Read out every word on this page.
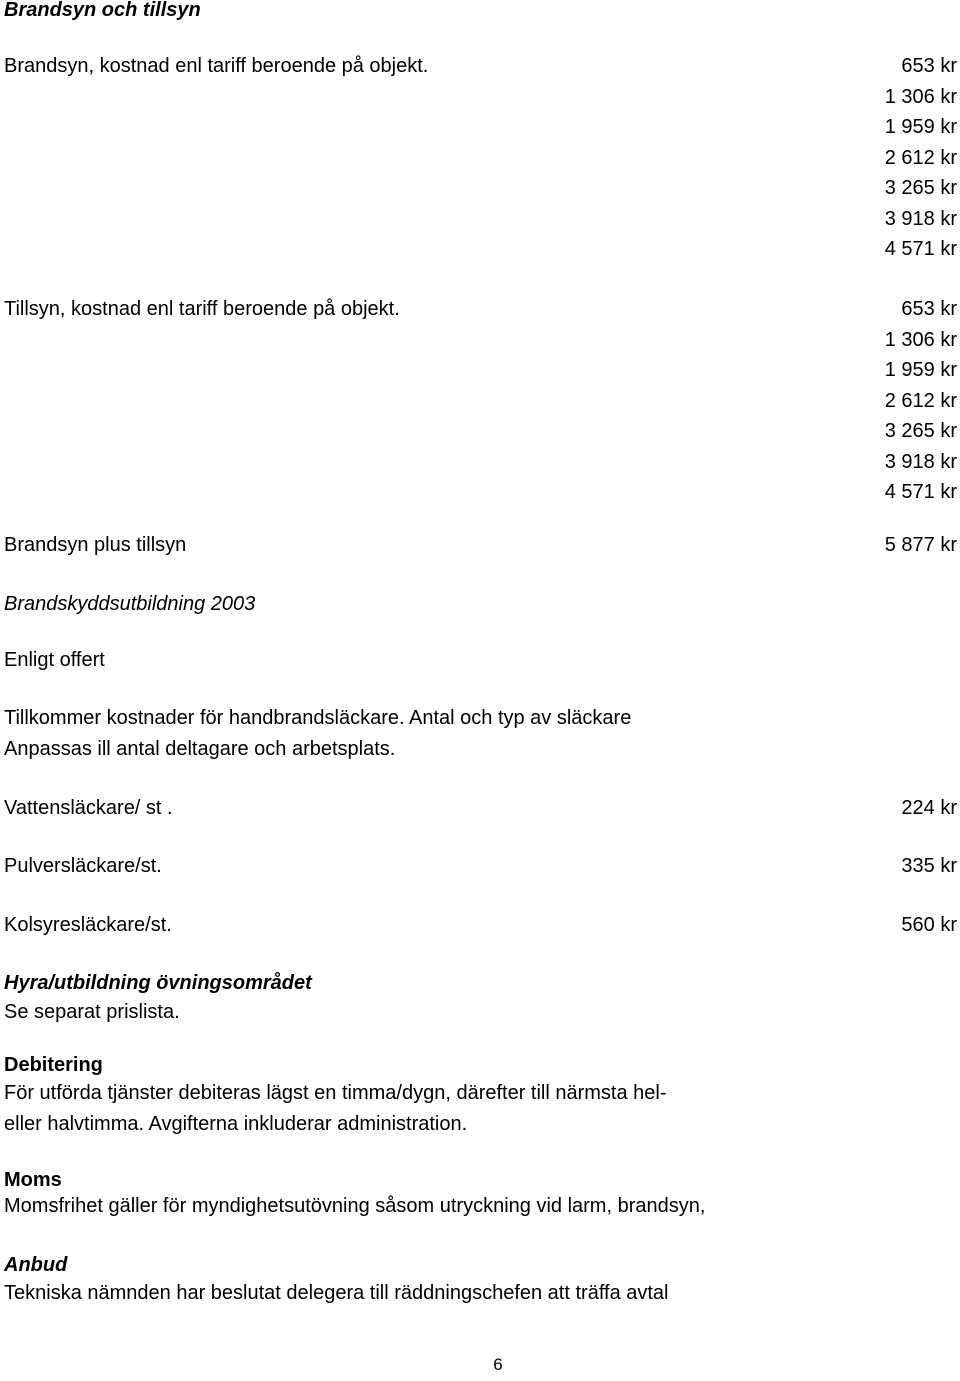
Brandsyn och tillsyn
Brandsyn, kostnad enl tariff beroende på objekt.	653 kr
1 306 kr
1 959 kr
2 612 kr
3 265 kr
3 918 kr
4 571 kr
Tillsyn, kostnad enl tariff beroende på objekt.	653 kr
1 306 kr
1 959 kr
2 612 kr
3 265 kr
3 918 kr
4 571 kr
Brandsyn plus tillsyn	5 877 kr
Brandskyddsutbildning 2003
Enligt offert
Tillkommer kostnader för handbrandsläckare. Antal och typ av släckare
Anpassas ill antal deltagare och arbetsplats.
Vattensläckare/ st .	224 kr
Pulversläckare/st.	335 kr
Kolsyresläckare/st.	560 kr
Hyra/utbildning övningsområdet
Se separat prislista.
Debitering
För utförda tjänster debiteras lägst en timma/dygn, därefter till närmsta hel-
eller halvtimma. Avgifterna inkluderar administration.
Moms
Momsfrihet gäller för myndighetsutövning såsom utryckning vid larm, brandsyn,
Anbud
Tekniska nämnden har beslutat delegera till räddningschefen att träffa avtal
6
